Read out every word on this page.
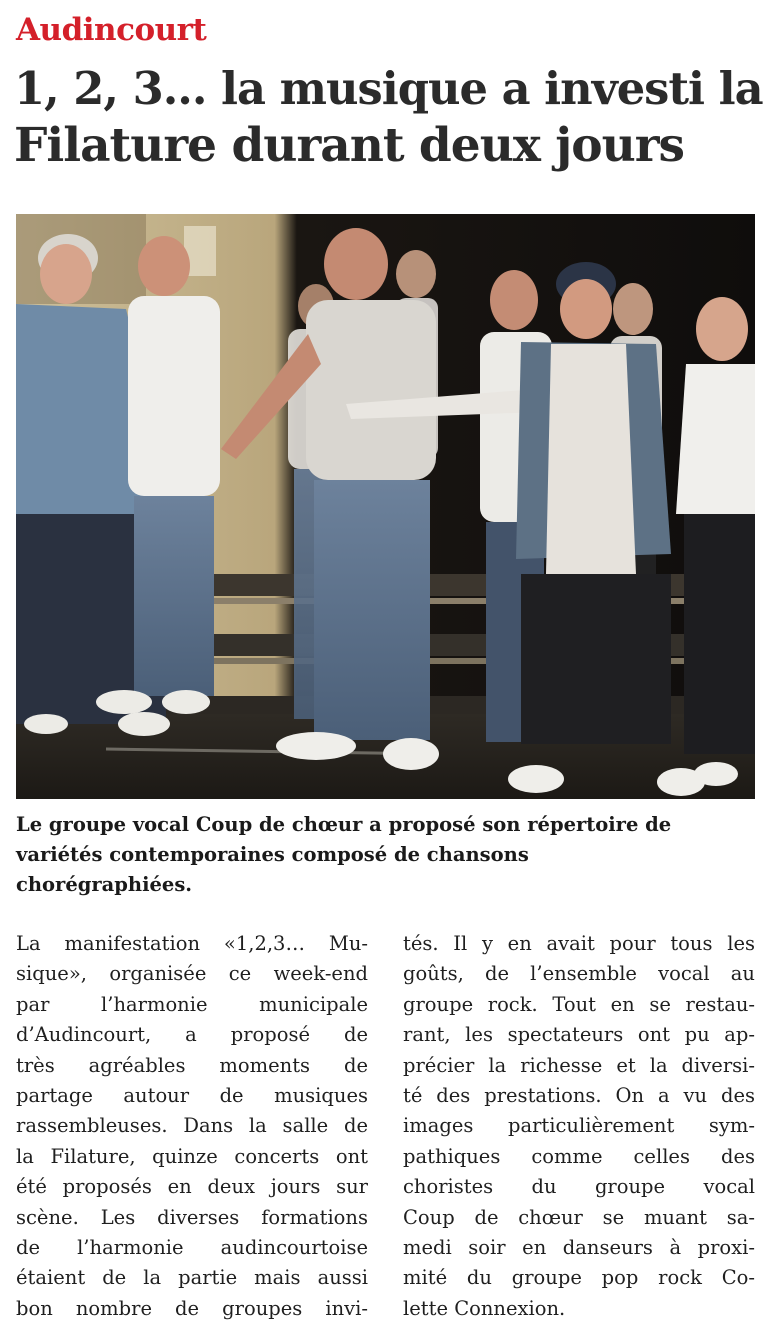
Audincourt
1, 2, 3... la musique a investi la
Filature durant deux jours
Le groupe vocal Coup de chœur a proposé son répertoire de
variétés contemporaines composé de chansons
chorégraphiées.
La manifestation «1,2,3… Mu-
sique», organisée ce week-end
par l’harmonie municipale
d’Audincourt, a proposé de
très agréables moments de
partage autour de musiques
rassembleuses. Dans la salle de
la Filature, quinze concerts ont
été proposés en deux jours sur
scène. Les diverses formations
de l’harmonie audincourtoise
étaient de la partie mais aussi
bon nombre de groupes invi-
tés. Il y en avait pour tous les
goûts, de l’ensemble vocal au
groupe rock. Tout en se restau-
rant, les spectateurs ont pu ap-
précier la richesse et la diversi-
té des prestations. On a vu des
images particulièrement sym-
pathiques comme celles des
choristes du groupe vocal
Coup de chœur se muant sa-
medi soir en danseurs à proxi-
mité du groupe pop rock Co-
lette Connexion.
